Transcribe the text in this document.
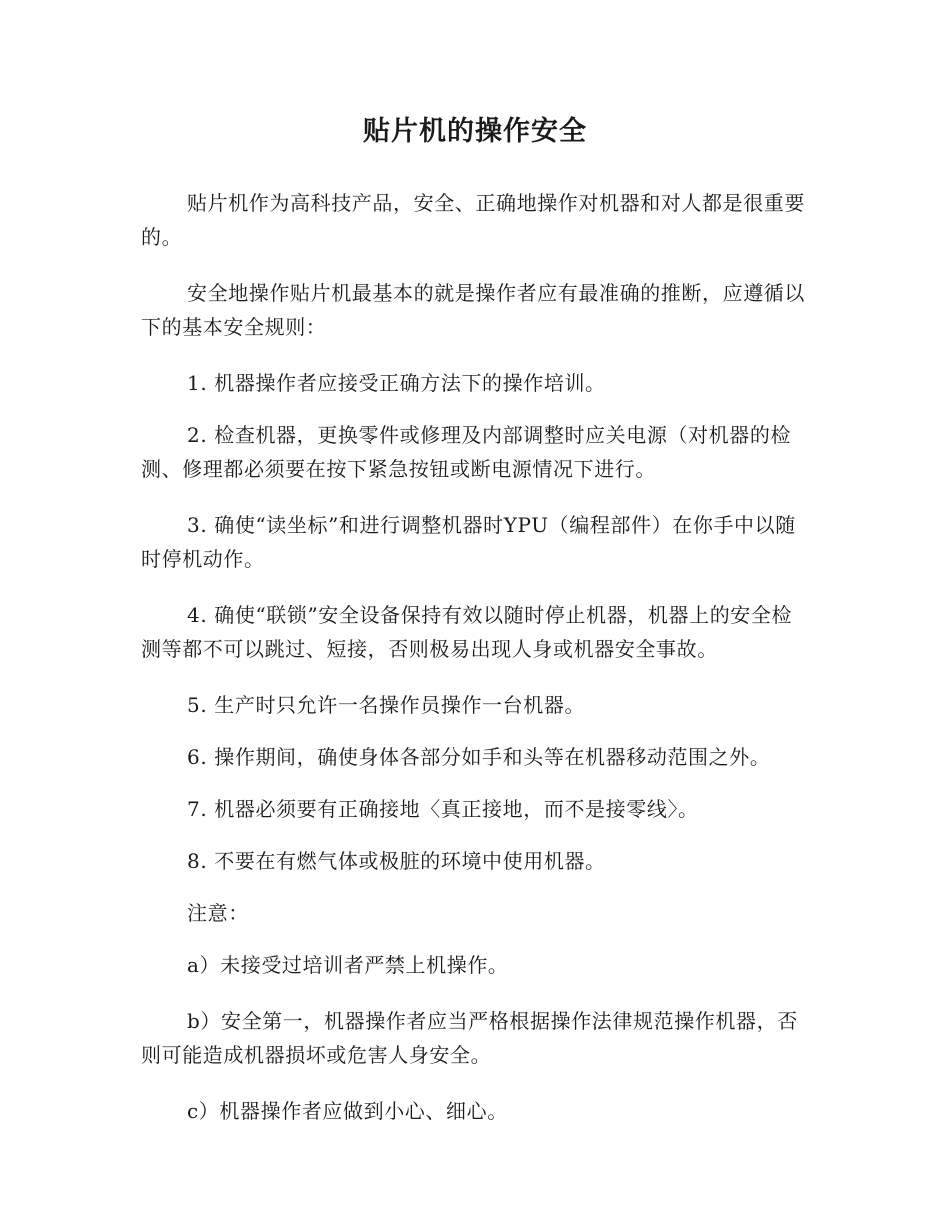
贴片机的操作安全

贴片机作为高科技产品，安全、正确地操作对机器和对人都是很重要的。

安全地操作贴片机最基本的就是操作者应有最准确的推断，应遵循以下的基本安全规则：

1. 机器操作者应接受正确方法下的操作培训。

2. 检查机器，更换零件或修理及内部调整时应关电源（对机器的检测、修理都必须要在按下紧急按钮或断电源情况下进行。

3. 确使“读坐标”和进行调整机器时YPU（编程部件）在你手中以随时停机动作。

4. 确使“联锁”安全设备保持有效以随时停止机器，机器上的安全检测等都不可以跳过、短接，否则极易出现人身或机器安全事故。

5. 生产时只允许一名操作员操作一台机器。

6. 操作期间，确使身体各部分如手和头等在机器移动范围之外。

7. 机器必须要有正确接地〈真正接地，而不是接零线〉。

8. 不要在有燃气体或极脏的环境中使用机器。

注意：

a）未接受过培训者严禁上机操作。

b）安全第一，机器操作者应当严格根据操作法律规范操作机器，否则可能造成机器损坏或危害人身安全。

c）机器操作者应做到小心、细心。
